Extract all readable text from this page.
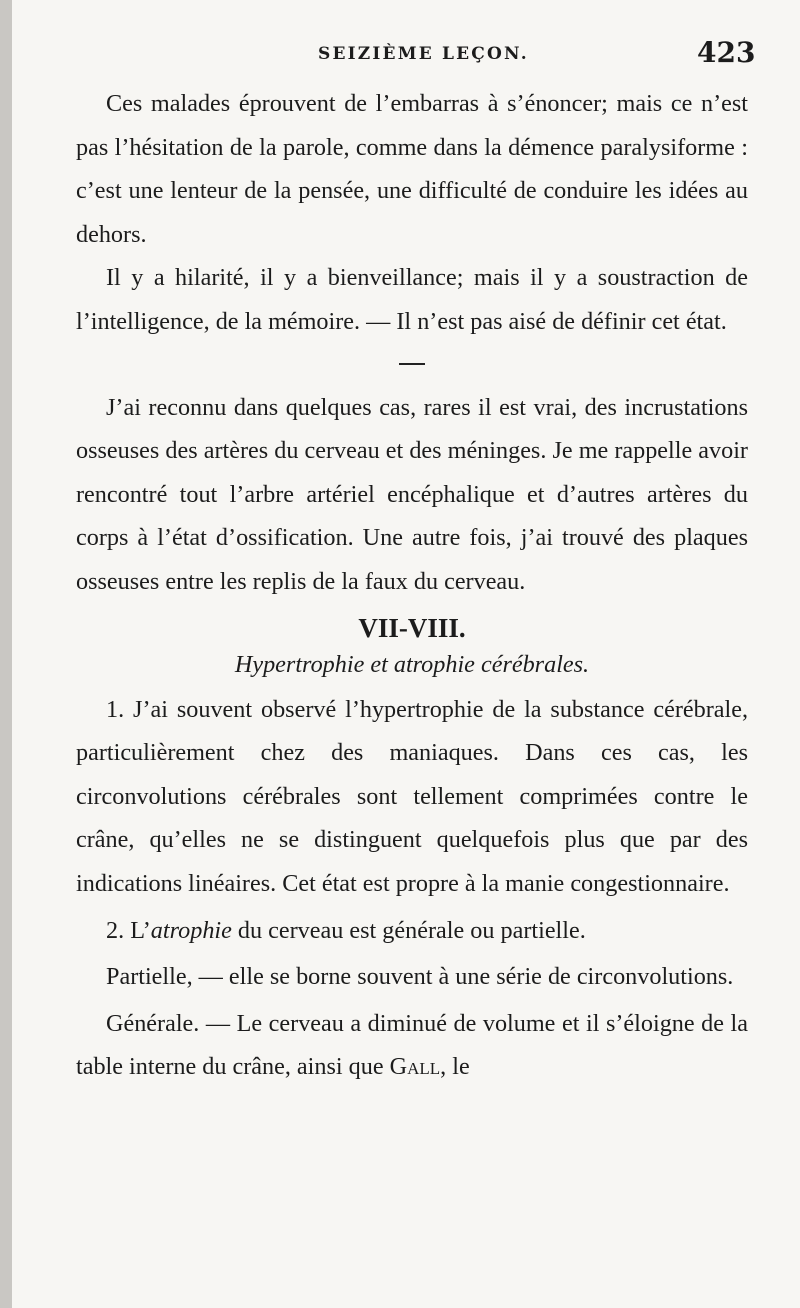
SEIZIÈME LEÇON.	423

Ces malades éprouvent de l’embarras à s’énoncer; mais ce n’est pas l’hésitation de la parole, comme dans la démence paralysiforme : c’est une lenteur de la pensée, une difficulté de conduire les idées au dehors.

Il y a hilarité, il y a bienveillance; mais il y a soustraction de l’intelligence, de la mémoire. — Il n’est pas aisé de définir cet état.

J’ai reconnu dans quelques cas, rares il est vrai, des incrustations osseuses des artères du cerveau et des méninges. Je me rappelle avoir rencontré tout l’arbre artériel encéphalique et d’autres artères du corps à l’état d’ossification. Une autre fois, j’ai trouvé des plaques osseuses entre les replis de la faux du cerveau.

VII-VIII.
Hypertrophie et atrophie cérébrales.

1. J’ai souvent observé l’hypertrophie de la substance cérébrale, particulièrement chez des maniaques. Dans ces cas, les circonvolutions cérébrales sont tellement comprimées contre le crâne, qu’elles ne se distinguent quelquefois plus que par des indications linéaires. Cet état est propre à la manie congestionnaire.

2. L’atrophie du cerveau est générale ou partielle.

Partielle, — elle se borne souvent à une série de circonvolutions.

Générale. — Le cerveau a diminué de volume et il s’éloigne de la table interne du crâne, ainsi que Gall, le
